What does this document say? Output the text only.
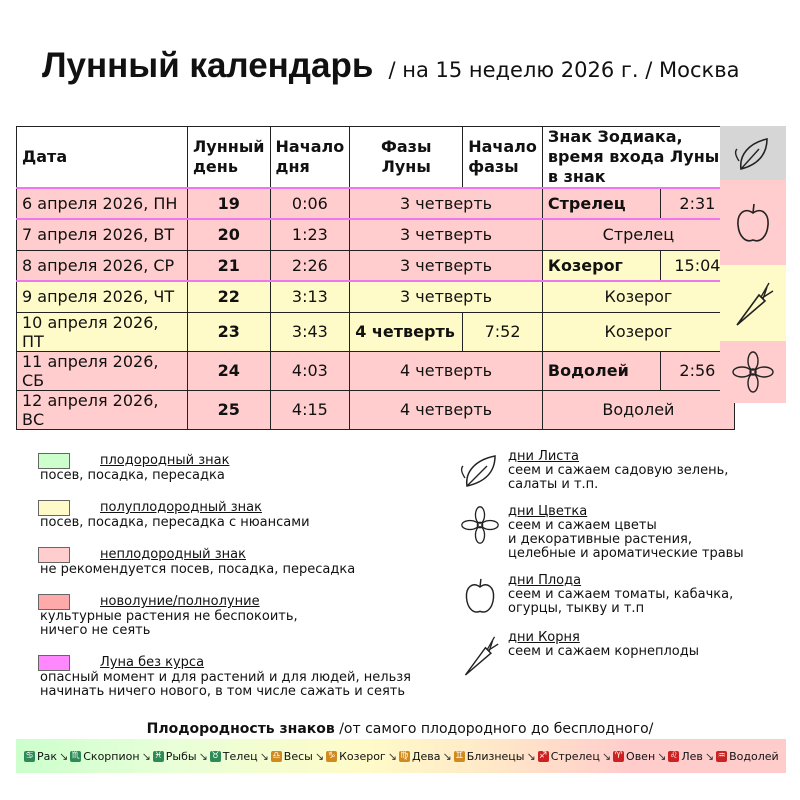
Лунный календарь / на 15 неделю 2026 г. / Москва
Дата	Лунный день	Начало дня	Фазы Луны	Начало фазы	Знак Зодиака, время входа Луны в знак	
6 апреля 2026, ПН	19	0:06	3 четверть		Стрелец	2:31
7 апреля 2026, ВТ	20	1:23	3 четверть		Стрелец	
8 апреля 2026, СР	21	2:26	3 четверть		Козерог	15:04
9 апреля 2026, ЧТ	22	3:13	3 четверть		Козерог	
10 апреля 2026, ПТ	23	3:43	4 четверть	7:52	Козерог	
11 апреля 2026, СБ	24	4:03	4 четверть		Водолей	2:56
12 апреля 2026, ВС	25	4:15	4 четверть		Водолей	
плодородный знак
посев, посадка, пересадка
полуплодородный знак
посев, посадка, пересадка с нюансами
неплодородный знак
не рекомендуется посев, посадка, пересадка
новолуние/полнолуние
культурные растения не беспокоить, ничего не сеять
Луна без курса
опасный момент и для растений и для людей, нельзя начинать ничего нового, в том числе сажать и сеять
дни Листа
сеем и сажаем садовую зелень,
салаты и т.п.
дни Цветка
сеем и сажаем цветы
и декоративные растения,
целебные и ароматические травы
дни Плода
сеем и сажаем томаты, кабачка,
огурцы, тыкву и т.п
дни Корня
сеем и сажаем корнеплоды
Плодородность знаков /от самого плодородного до бесплодного/
♋ Рак ↘ ♏ Скорпион ↘ ♓ Рыбы ↘ ♉ Телец ↘ ♎ Весы ↘ ♑ Козерог ↘ ♍ Дева ↘ ♊ Близнецы ↘ ♐ Стрелец ↘ ♈ Овен ↘ ♌ Лев ↘ ♒ Водолей
